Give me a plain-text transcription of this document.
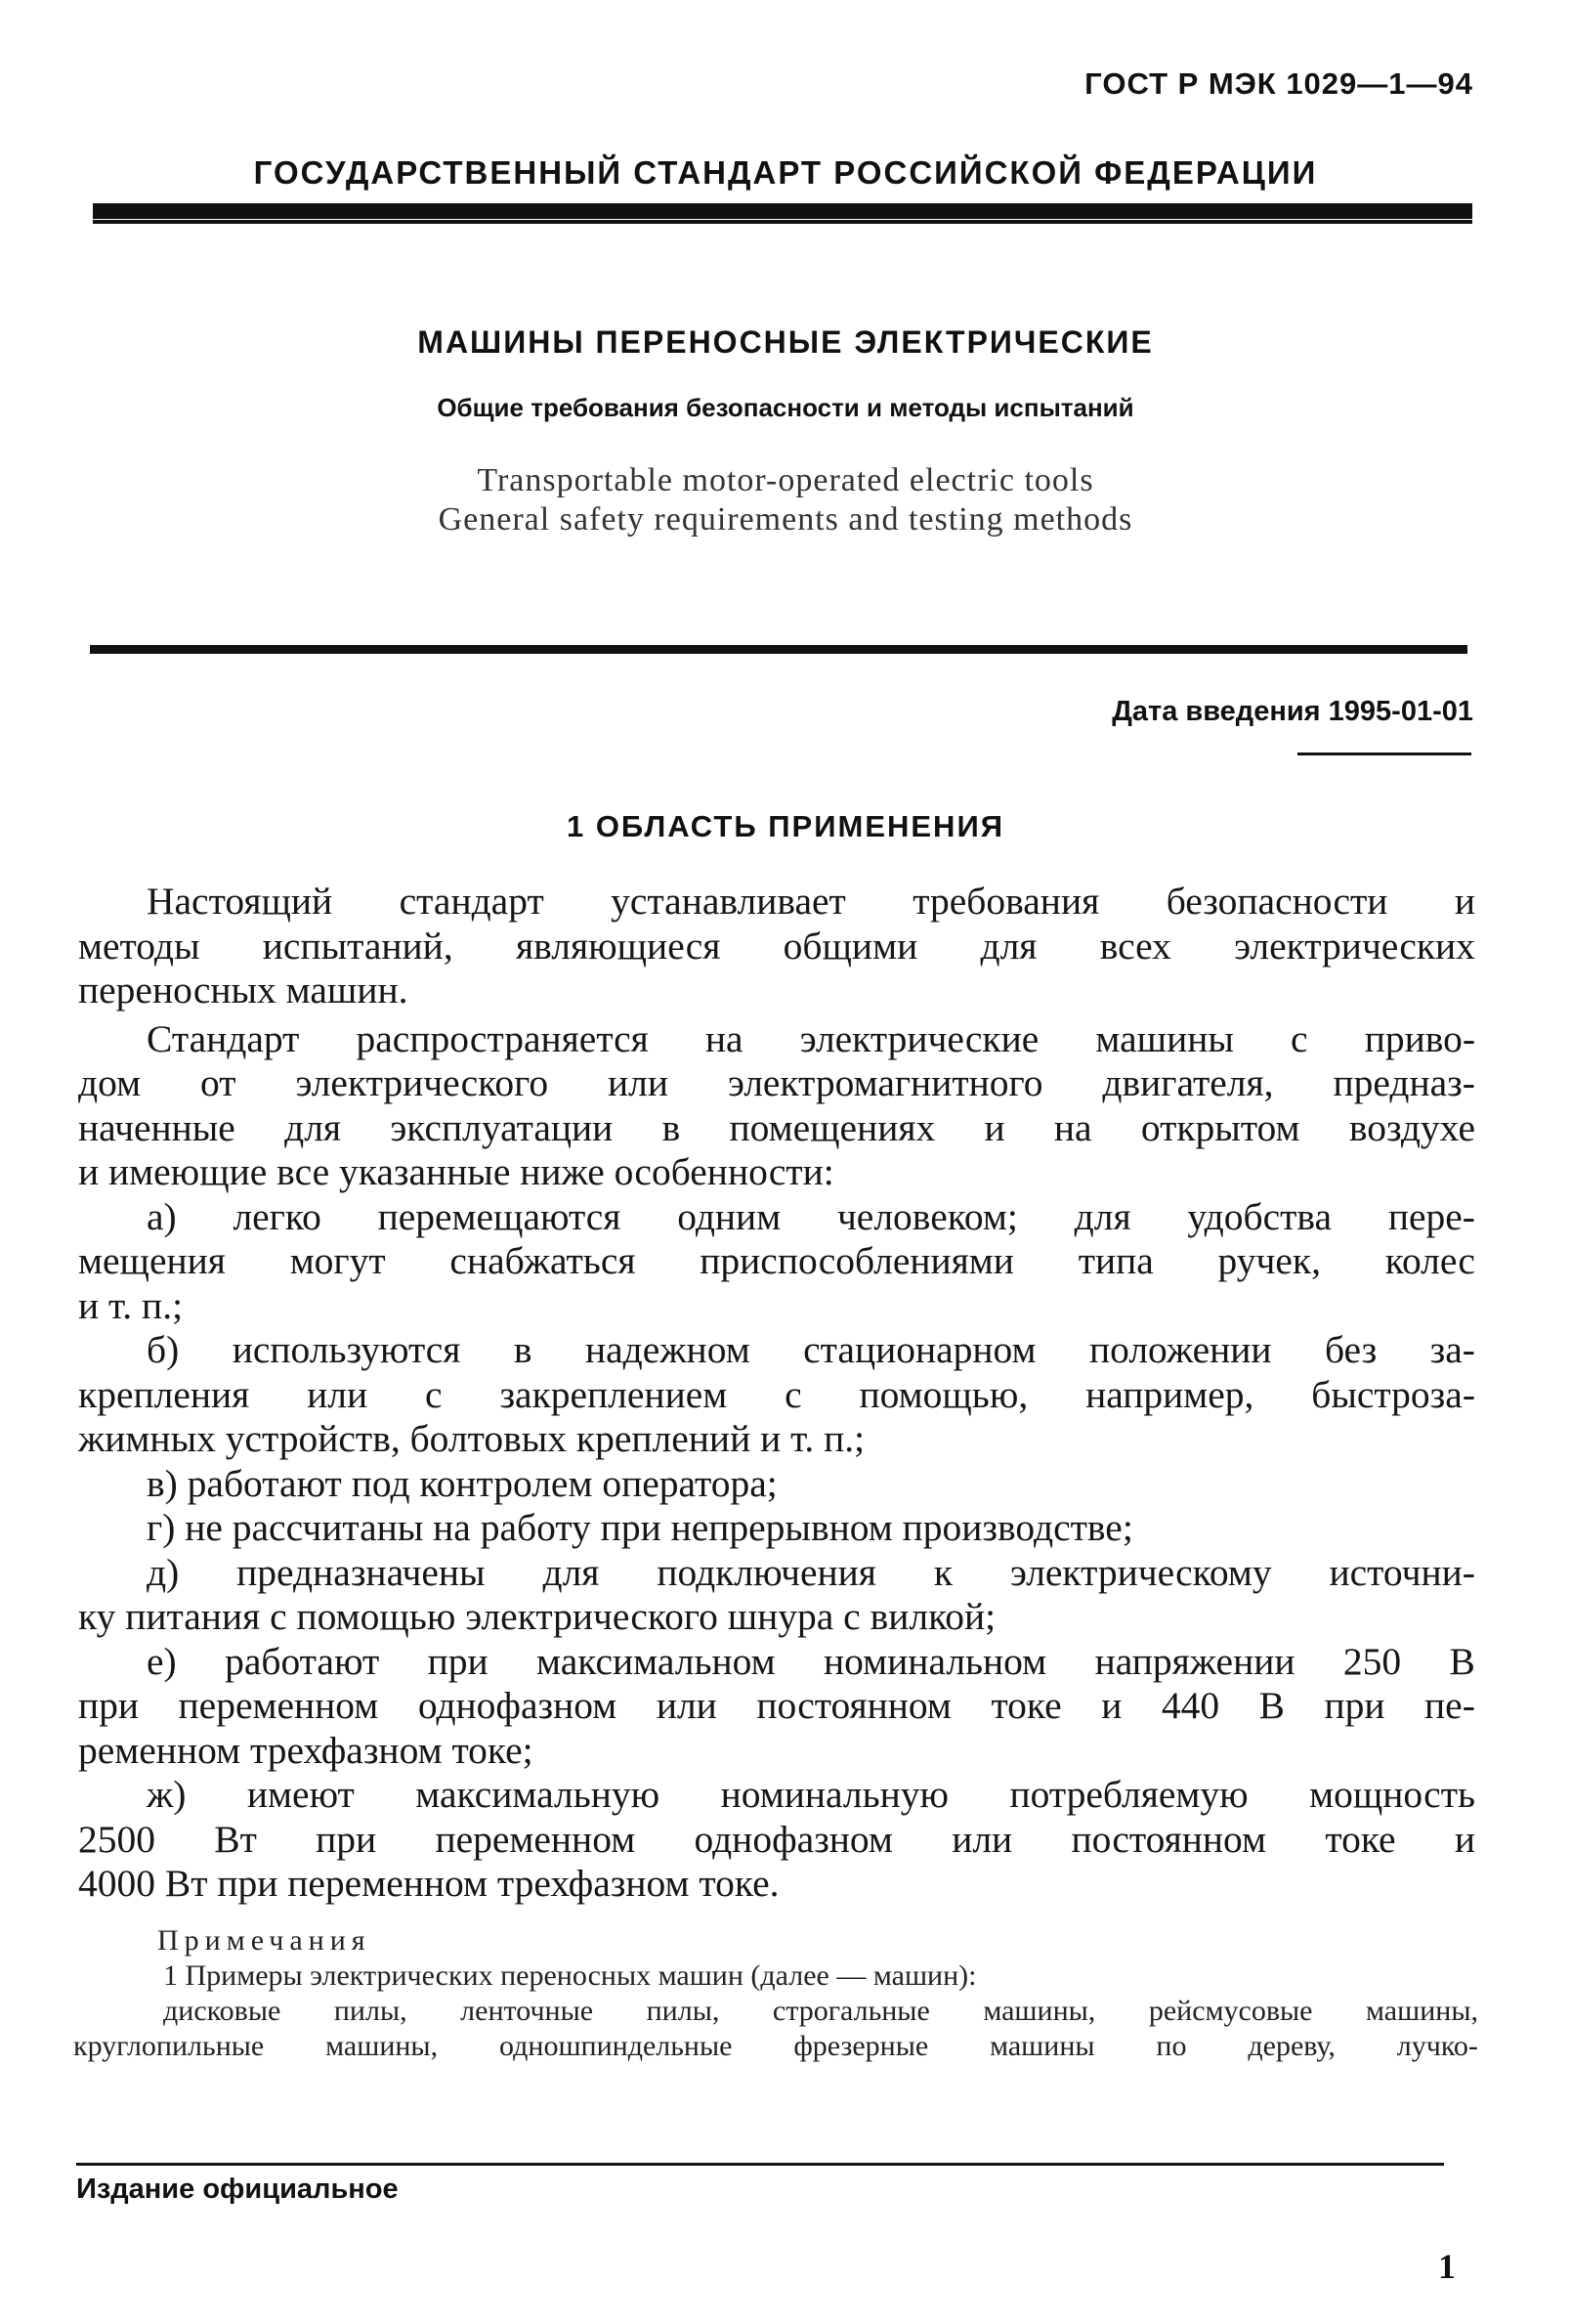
ГОСТ Р МЭК 1029—1—94
ГОСУДАРСТВЕННЫЙ СТАНДАРТ РОССИЙСКОЙ ФЕДЕРАЦИИ
МАШИНЫ ПЕРЕНОСНЫЕ ЭЛЕКТРИЧЕСКИЕ
Общие требования безопасности и методы испытаний
Transportable motor-operated electric tools
General safety requirements and testing methods
Дата введения 1995-01-01
1 ОБЛАСТЬ ПРИМЕНЕНИЯ
Настоящий стандарт устанавливает требования безопасности и
методы испытаний, являющиеся общими для всех электрических
переносных машин.
Стандарт распространяется на электрические машины с приво-
дом от электрического или электромагнитного двигателя, предназ-
наченные для эксплуатации в помещениях и на открытом воздухе
и имеющие все указанные ниже особенности:
а) легко перемещаются одним человеком; для удобства пере-
мещения могут снабжаться приспособлениями типа ручек, колес
и т. п.;
б) используются в надежном стационарном положении без за-
крепления или с закреплением с помощью, например, быстроза-
жимных устройств, болтовых креплений и т. п.;
в) работают под контролем оператора;
г) не рассчитаны на работу при непрерывном производстве;
д) предназначены для подключения к электрическому источни-
ку питания с помощью электрического шнура с вилкой;
е) работают при максимальном номинальном напряжении 250 В
при переменном однофазном или постоянном токе и 440 В при пе-
ременном трехфазном токе;
ж) имеют максимальную номинальную потребляемую мощность
2500 Вт при переменном однофазном или постоянном токе и
4000 Вт при переменном трехфазном токе.
Примечания
1 Примеры электрических переносных машин (далее — машин):
дисковые пилы, ленточные пилы, строгальные машины, рейсмусовые машины,
круглопильные машины, одношпиндельные фрезерные машины по дереву, лучко-
Издание официальное
1
